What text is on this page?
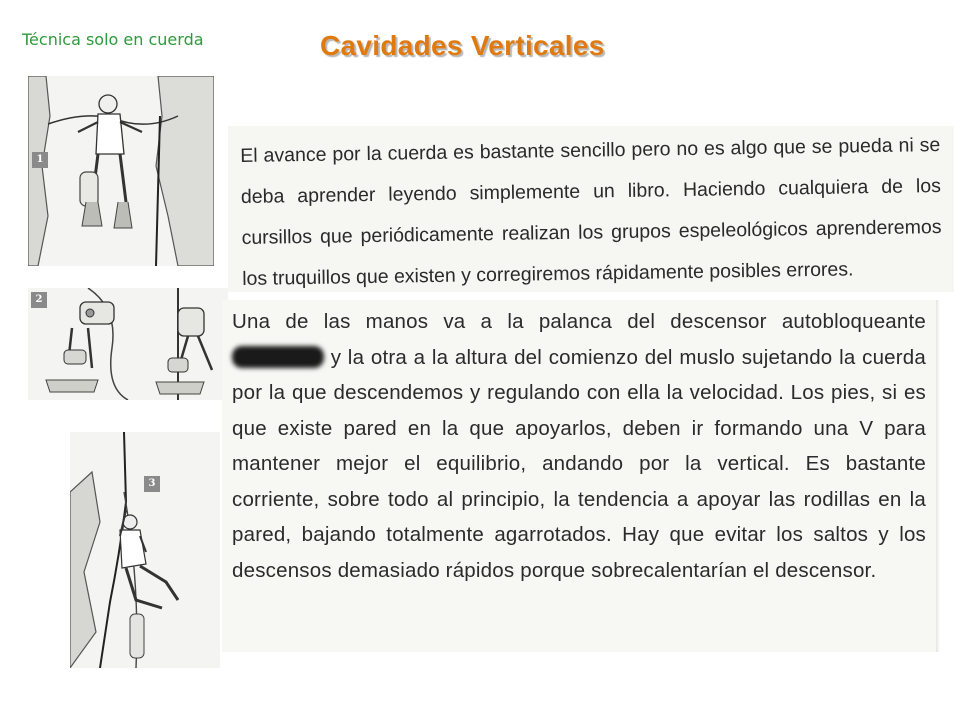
Técnica solo en cuerda	Cavidades Verticales
1
2
3

El avance por la cuerda es bastante sencillo pero no es algo que se pueda ni se deba aprender leyendo simplemente un libro. Haciendo cualquiera de los cursillos que periódicamente realizan los grupos espeleológicos aprenderemos los truquillos que existen y corregiremos rápidamente posibles errores.

Una de las manos va a la palanca del descensor autobloqueante  y la otra a la altura del comienzo del muslo sujetando la cuerda por la que descendemos y regulando con ella la velocidad. Los pies, si es que existe pared en la que apoyarlos, deben ir formando una V para mantener mejor el equilibrio, andando por la vertical. Es bastante corriente, sobre todo al principio, la tendencia a apoyar las rodillas en la pared, bajando totalmente agarrotados. Hay que evitar los saltos y los descensos demasiado rápidos porque sobrecalentarían el descensor.
